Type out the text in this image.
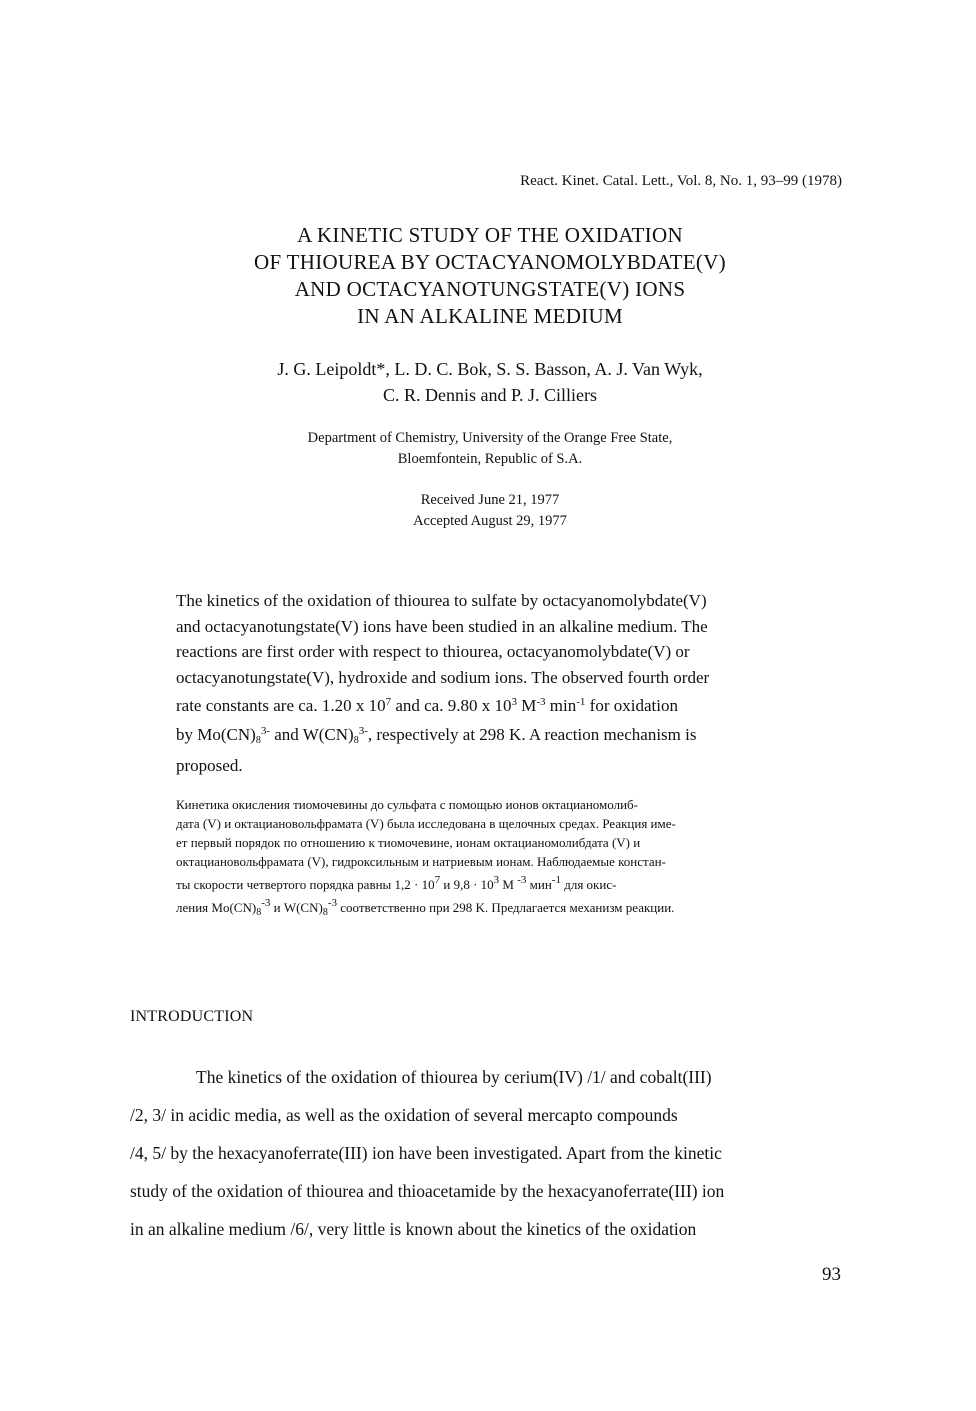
React. Kinet. Catal. Lett., Vol. 8, No. 1, 93–99 (1978)
A KINETIC STUDY OF THE OXIDATION
OF THIOUREA BY OCTACYANOMOLYBDATE(V)
AND OCTACYANOTUNGSTATE(V) IONS
IN AN ALKALINE MEDIUM
J. G. Leipoldt*, L. D. C. Bok, S. S. Basson, A. J. Van Wyk,
C. R. Dennis and P. J. Cilliers
Department of Chemistry, University of the Orange Free State,
Bloemfontein, Republic of S.A.
Received June 21, 1977
Accepted August 29, 1977
The kinetics of the oxidation of thiourea to sulfate by octacyanomolybdate(V)
and octacyanotungstate(V) ions have been studied in an alkaline medium. The
reactions are first order with respect to thiourea, octacyanomolybdate(V) or
octacyanotungstate(V), hydroxide and sodium ions. The observed fourth order
rate constants are ca. 1.20 x $10^7$ and ca. 9.80 x $10^3$ $M^{-3}$ $\min^{-1}$ for oxidation
by $Mo(CN)_8^{3-}$ and $W(CN)_8^{3-}$, respectively at 298 K. A reaction mechanism is
proposed.
Кинетика окисления тиомочевины до сульфата с помощью ионов октацианомолиб-
дата (V) и октациановольфрамата (V) была исследована в щелочных средах. Реакция име-
ет первый порядок по отношению к тиомочевине, ионам октацианомолибдата (V) и
октациановольфрамата (V), гидроксильным и натриевым ионам. Наблюдаемые констан-
ты скорости четвертого порядка равны $1,2 \cdot 10^7$ и $9,8 \cdot 10^3$ M $^{-3}$ мин$^{-1}$ для окис-
ления $Mo(CN)_8^{-3}$ и $W(CN)_8^{-3}$ соответственно при 298 K. Предлагается механизм реакции.
INTRODUCTION
The kinetics of the oxidation of thiourea by cerium(IV) /1/ and cobalt(III)
/2, 3/ in acidic media, as well as the oxidation of several mercapto compounds
/4, 5/ by the hexacyanoferrate(III) ion have been investigated. Apart from the kinetic
study of the oxidation of thiourea and thioacetamide by the hexacyanoferrate(III) ion
in an alkaline medium /6/, very little is known about the kinetics of the oxidation
93
